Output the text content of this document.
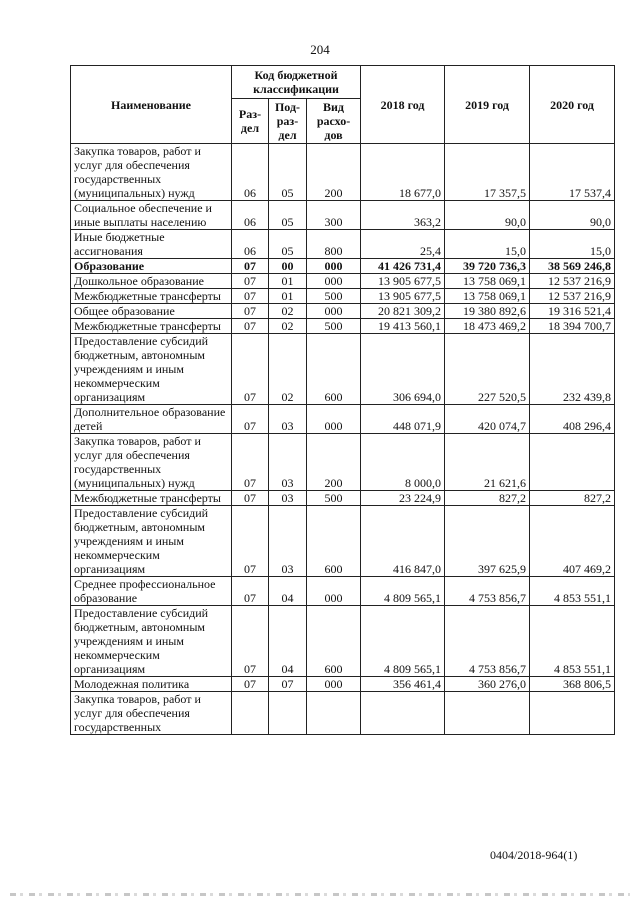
204
Наименование	Код бюджетной классификации			2018 год	2019 год	2020 год
	Раз-дел	Под-раз-дел	Вид расхо-дов			
Закупка товаров, работ и услуг для обеспечения государственных (муниципальных) нужд	06	05	200	18 677,0	17 357,5	17 537,4
Социальное обеспечение и иные выплаты населению	06	05	300	363,2	90,0	90,0
Иные бюджетные ассигнования	06	05	800	25,4	15,0	15,0
Образование	07	00	000	41 426 731,4	39 720 736,3	38 569 246,8
Дошкольное образование	07	01	000	13 905 677,5	13 758 069,1	12 537 216,9
Межбюджетные трансферты	07	01	500	13 905 677,5	13 758 069,1	12 537 216,9
Общее образование	07	02	000	20 821 309,2	19 380 892,6	19 316 521,4
Межбюджетные трансферты	07	02	500	19 413 560,1	18 473 469,2	18 394 700,7
Предоставление субсидий бюджетным, автономным учреждениям и иным некоммерческим организациям	07	02	600	306 694,0	227 520,5	232 439,8
Дополнительное образование детей	07	03	000	448 071,9	420 074,7	408 296,4
Закупка товаров, работ и услуг для обеспечения государственных (муниципальных) нужд	07	03	200	8 000,0	21 621,6	
Межбюджетные трансферты	07	03	500	23 224,9	827,2	827,2
Предоставление субсидий бюджетным, автономным учреждениям и иным некоммерческим организациям	07	03	600	416 847,0	397 625,9	407 469,2
Среднее профессиональное образование	07	04	000	4 809 565,1	4 753 856,7	4 853 551,1
Предоставление субсидий бюджетным, автономным учреждениям и иным некоммерческим организациям	07	04	600	4 809 565,1	4 753 856,7	4 853 551,1
Молодежная политика	07	07	000	356 461,4	360 276,0	368 806,5
Закупка товаров, работ и услуг для обеспечения государственных						
0404/2018-964(1)
